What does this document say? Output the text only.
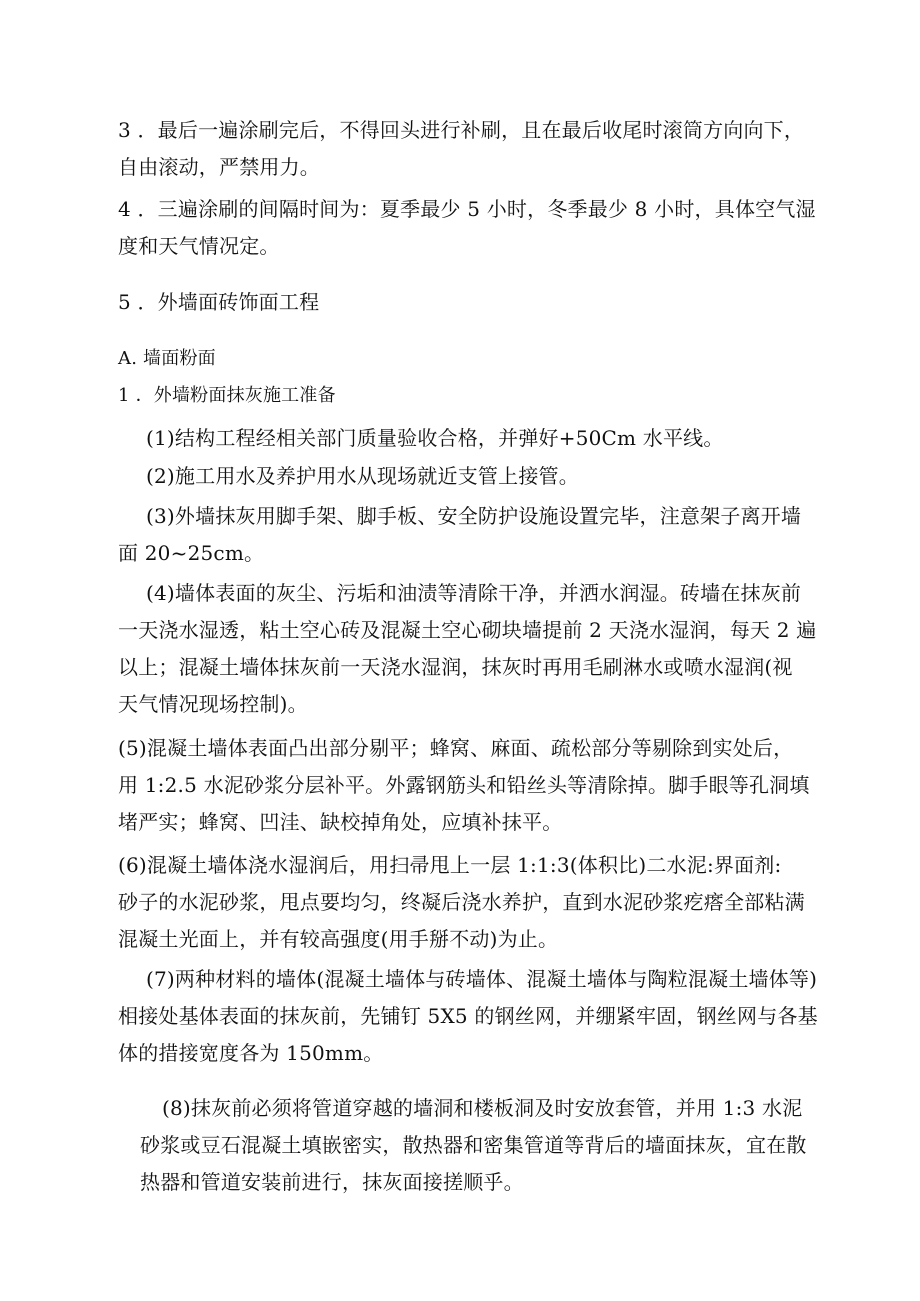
3 ．最后一遍涂刷完后，不得回头进行补刷，且在最后收尾时滚筒方向向下，
自由滚动，严禁用力。
4 ．三遍涂刷的间隔时间为：夏季最少 5 小时，冬季最少 8 小时，具体空气湿
度和天气情况定。
5 ．外墙面砖饰面工程
A. 墙面粉面
1 ．外墙粉面抹灰施工准备
(1)结构工程经相关部门质量验收合格，并弹好+50Cm 水平线。
(2)施工用水及养护用水从现场就近支管上接管。
(3)外墙抹灰用脚手架、脚手板、安全防护设施设置完毕，注意架子离开墙
面 20~25cm。
(4)墙体表面的灰尘、污垢和油渍等清除干净，并洒水润湿。砖墙在抹灰前
一天浇水湿透，粘土空心砖及混凝土空心砌块墙提前 2 天浇水湿润，每天 2 遍
以上；混凝土墙体抹灰前一天浇水湿润，抹灰时再用毛刷淋水或喷水湿润(视
天气情况现场控制)。
(5)混凝土墙体表面凸出部分剔平；蜂窝、麻面、疏松部分等剔除到实处后，
用 1:2.5 水泥砂浆分层补平。外露钢筋头和铅丝头等清除掉。脚手眼等孔洞填
堵严实；蜂窝、凹洼、缺校掉角处，应填补抹平。
(6)混凝土墙体浇水湿润后，用扫帚甩上一层 1:1:3(体积比)二水泥:界面剂:
砂子的水泥砂浆，甩点要均匀，终凝后浇水养护，直到水泥砂浆疙瘩全部粘满
混凝土光面上，并有较高强度(用手掰不动)为止。
(7)两种材料的墙体(混凝土墙体与砖墙体、混凝土墙体与陶粒混凝土墙体等)
相接处基体表面的抹灰前，先铺钉 5X5 的钢丝网，并绷紧牢固，钢丝网与各基
体的措接宽度各为 150mm。
(8)抹灰前必须将管道穿越的墙洞和楼板洞及时安放套管，并用 1:3 水泥
砂浆或豆石混凝土填嵌密实，散热器和密集管道等背后的墙面抹灰，宜在散
热器和管道安装前进行，抹灰面接搓顺乎。
